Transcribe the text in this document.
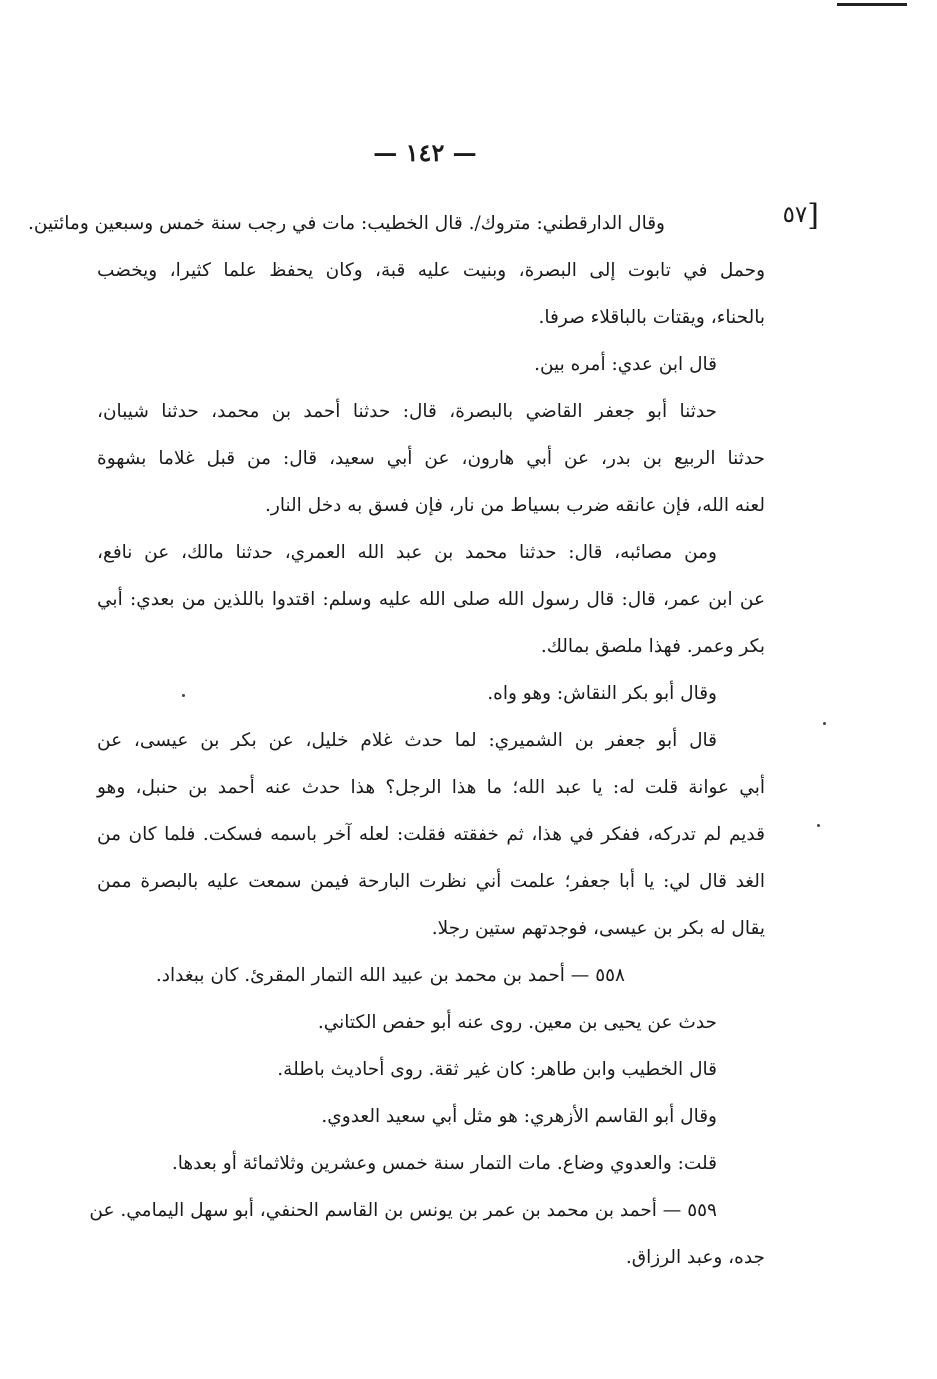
— ١٤٢ —
[٥٧
وقال الدارقطني: متروك/. قال الخطيب: مات في رجب سنة خمس وسبعين ومائتين.
وحمل في تابوت إلى البصرة، وبنيت عليه قبة، وكان يحفظ علما كثيرا، ويخضب
بالحناء، ويقتات بالباقلاء صرفا.
قال ابن عدي: أمره بين.
حدثنا أبو جعفر القاضي بالبصرة، قال: حدثنا أحمد بن محمد، حدثنا شيبان،
حدثنا الربيع بن بدر، عن أبي هارون، عن أبي سعيد، قال: من قبل غلاما بشهوة
لعنه الله، فإن عانقه ضرب بسياط من نار، فإن فسق به دخل النار.
ومن مصائبه، قال: حدثنا محمد بن عبد الله العمري، حدثنا مالك، عن نافع،
عن ابن عمر، قال: قال رسول الله صلى الله عليه وسلم: اقتدوا باللذين من بعدي: أبي
بكر وعمر. فهذا ملصق بمالك.
وقال أبو بكر النقاش: وهو واه.
قال أبو جعفر بن الشميري: لما حدث غلام خليل، عن بكر بن عيسى، عن
أبي عوانة قلت له: يا عبد الله؛ ما هذا الرجل؟ هذا حدث عنه أحمد بن حنبل، وهو
قديم لم تدركه، ففكر في هذا، ثم خفقته فقلت: لعله آخر باسمه فسكت. فلما كان من
الغد قال لي: يا أبا جعفر؛ علمت أني نظرت البارحة فيمن سمعت عليه بالبصرة ممن
يقال له بكر بن عيسى، فوجدتهم ستين رجلا.
٥٥٨ — أحمد بن محمد بن عبيد الله التمار المقرئ. كان ببغداد.
حدث عن يحيى بن معين. روى عنه أبو حفص الكتاني.
قال الخطيب وابن طاهر: كان غير ثقة. روى أحاديث باطلة.
وقال أبو القاسم الأزهري: هو مثل أبي سعيد العدوي.
قلت: والعدوي وضاع. مات التمار سنة خمس وعشرين وثلاثمائة أو بعدها.
٥٥٩ — أحمد بن محمد بن عمر بن يونس بن القاسم الحنفي، أبو سهل اليمامي. عن
جده، وعبد الرزاق.
